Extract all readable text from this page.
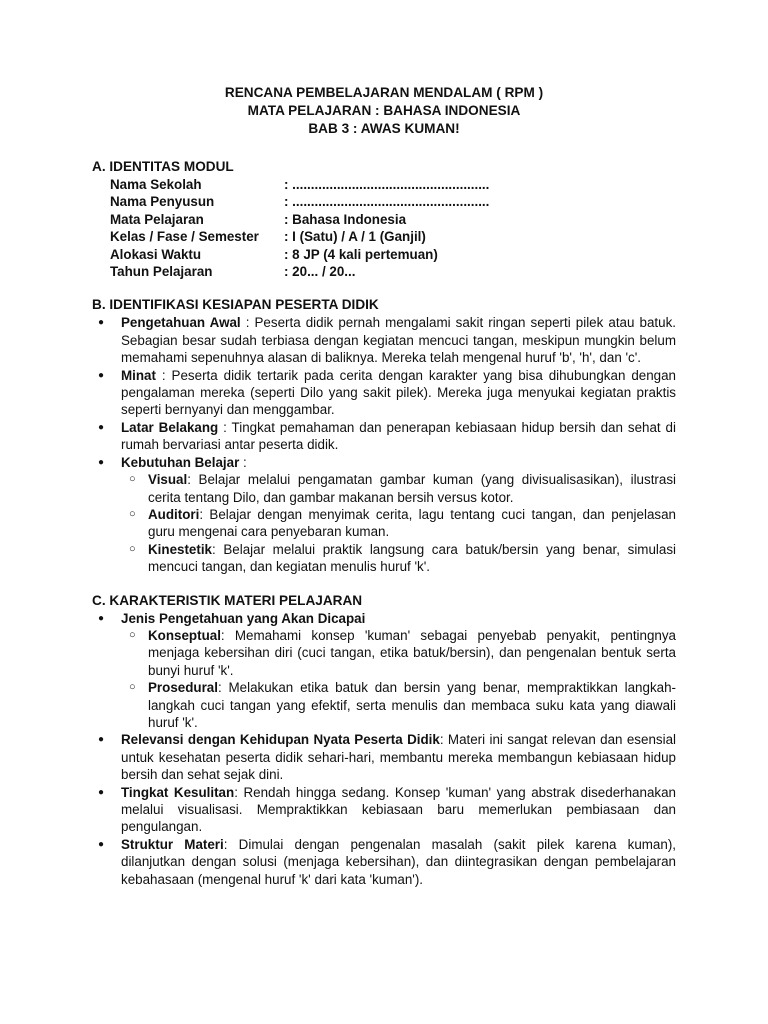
RENCANA PEMBELAJARAN MENDALAM ( RPM )
MATA PELAJARAN : BAHASA INDONESIA
BAB 3 : AWAS KUMAN!
A. IDENTITAS MODUL
Nama Sekolah	: .....................................................
Nama Penyusun	: .....................................................
Mata Pelajaran	: Bahasa Indonesia
Kelas / Fase / Semester	: I (Satu) / A / 1 (Ganjil)
Alokasi Waktu	: 8 JP (4 kali pertemuan)
Tahun Pelajaran	: 20... / 20...
B. IDENTIFIKASI KESIAPAN PESERTA DIDIK
● Pengetahuan Awal : Peserta didik pernah mengalami sakit ringan seperti pilek atau batuk. Sebagian besar sudah terbiasa dengan kegiatan mencuci tangan, meskipun mungkin belum memahami sepenuhnya alasan di baliknya. Mereka telah mengenal huruf 'b', 'h', dan 'c'.
● Minat : Peserta didik tertarik pada cerita dengan karakter yang bisa dihubungkan dengan pengalaman mereka (seperti Dilo yang sakit pilek). Mereka juga menyukai kegiatan praktis seperti bernyanyi dan menggambar.
● Latar Belakang : Tingkat pemahaman dan penerapan kebiasaan hidup bersih dan sehat di rumah bervariasi antar peserta didik.
● Kebutuhan Belajar :
○ Visual: Belajar melalui pengamatan gambar kuman (yang divisualisasikan), ilustrasi cerita tentang Dilo, dan gambar makanan bersih versus kotor.
○ Auditori: Belajar dengan menyimak cerita, lagu tentang cuci tangan, dan penjelasan guru mengenai cara penyebaran kuman.
○ Kinestetik: Belajar melalui praktik langsung cara batuk/bersin yang benar, simulasi mencuci tangan, dan kegiatan menulis huruf 'k'.
C. KARAKTERISTIK MATERI PELAJARAN
● Jenis Pengetahuan yang Akan Dicapai
○ Konseptual: Memahami konsep 'kuman' sebagai penyebab penyakit, pentingnya menjaga kebersihan diri (cuci tangan, etika batuk/bersin), dan pengenalan bentuk serta bunyi huruf 'k'.
○ Prosedural: Melakukan etika batuk dan bersin yang benar, mempraktikkan langkah-langkah cuci tangan yang efektif, serta menulis dan membaca suku kata yang diawali huruf 'k'.
● Relevansi dengan Kehidupan Nyata Peserta Didik: Materi ini sangat relevan dan esensial untuk kesehatan peserta didik sehari-hari, membantu mereka membangun kebiasaan hidup bersih dan sehat sejak dini.
● Tingkat Kesulitan: Rendah hingga sedang. Konsep 'kuman' yang abstrak disederhanakan melalui visualisasi. Mempraktikkan kebiasaan baru memerlukan pembiasaan dan pengulangan.
● Struktur Materi: Dimulai dengan pengenalan masalah (sakit pilek karena kuman), dilanjutkan dengan solusi (menjaga kebersihan), dan diintegrasikan dengan pembelajaran kebahasaan (mengenal huruf 'k' dari kata 'kuman').
